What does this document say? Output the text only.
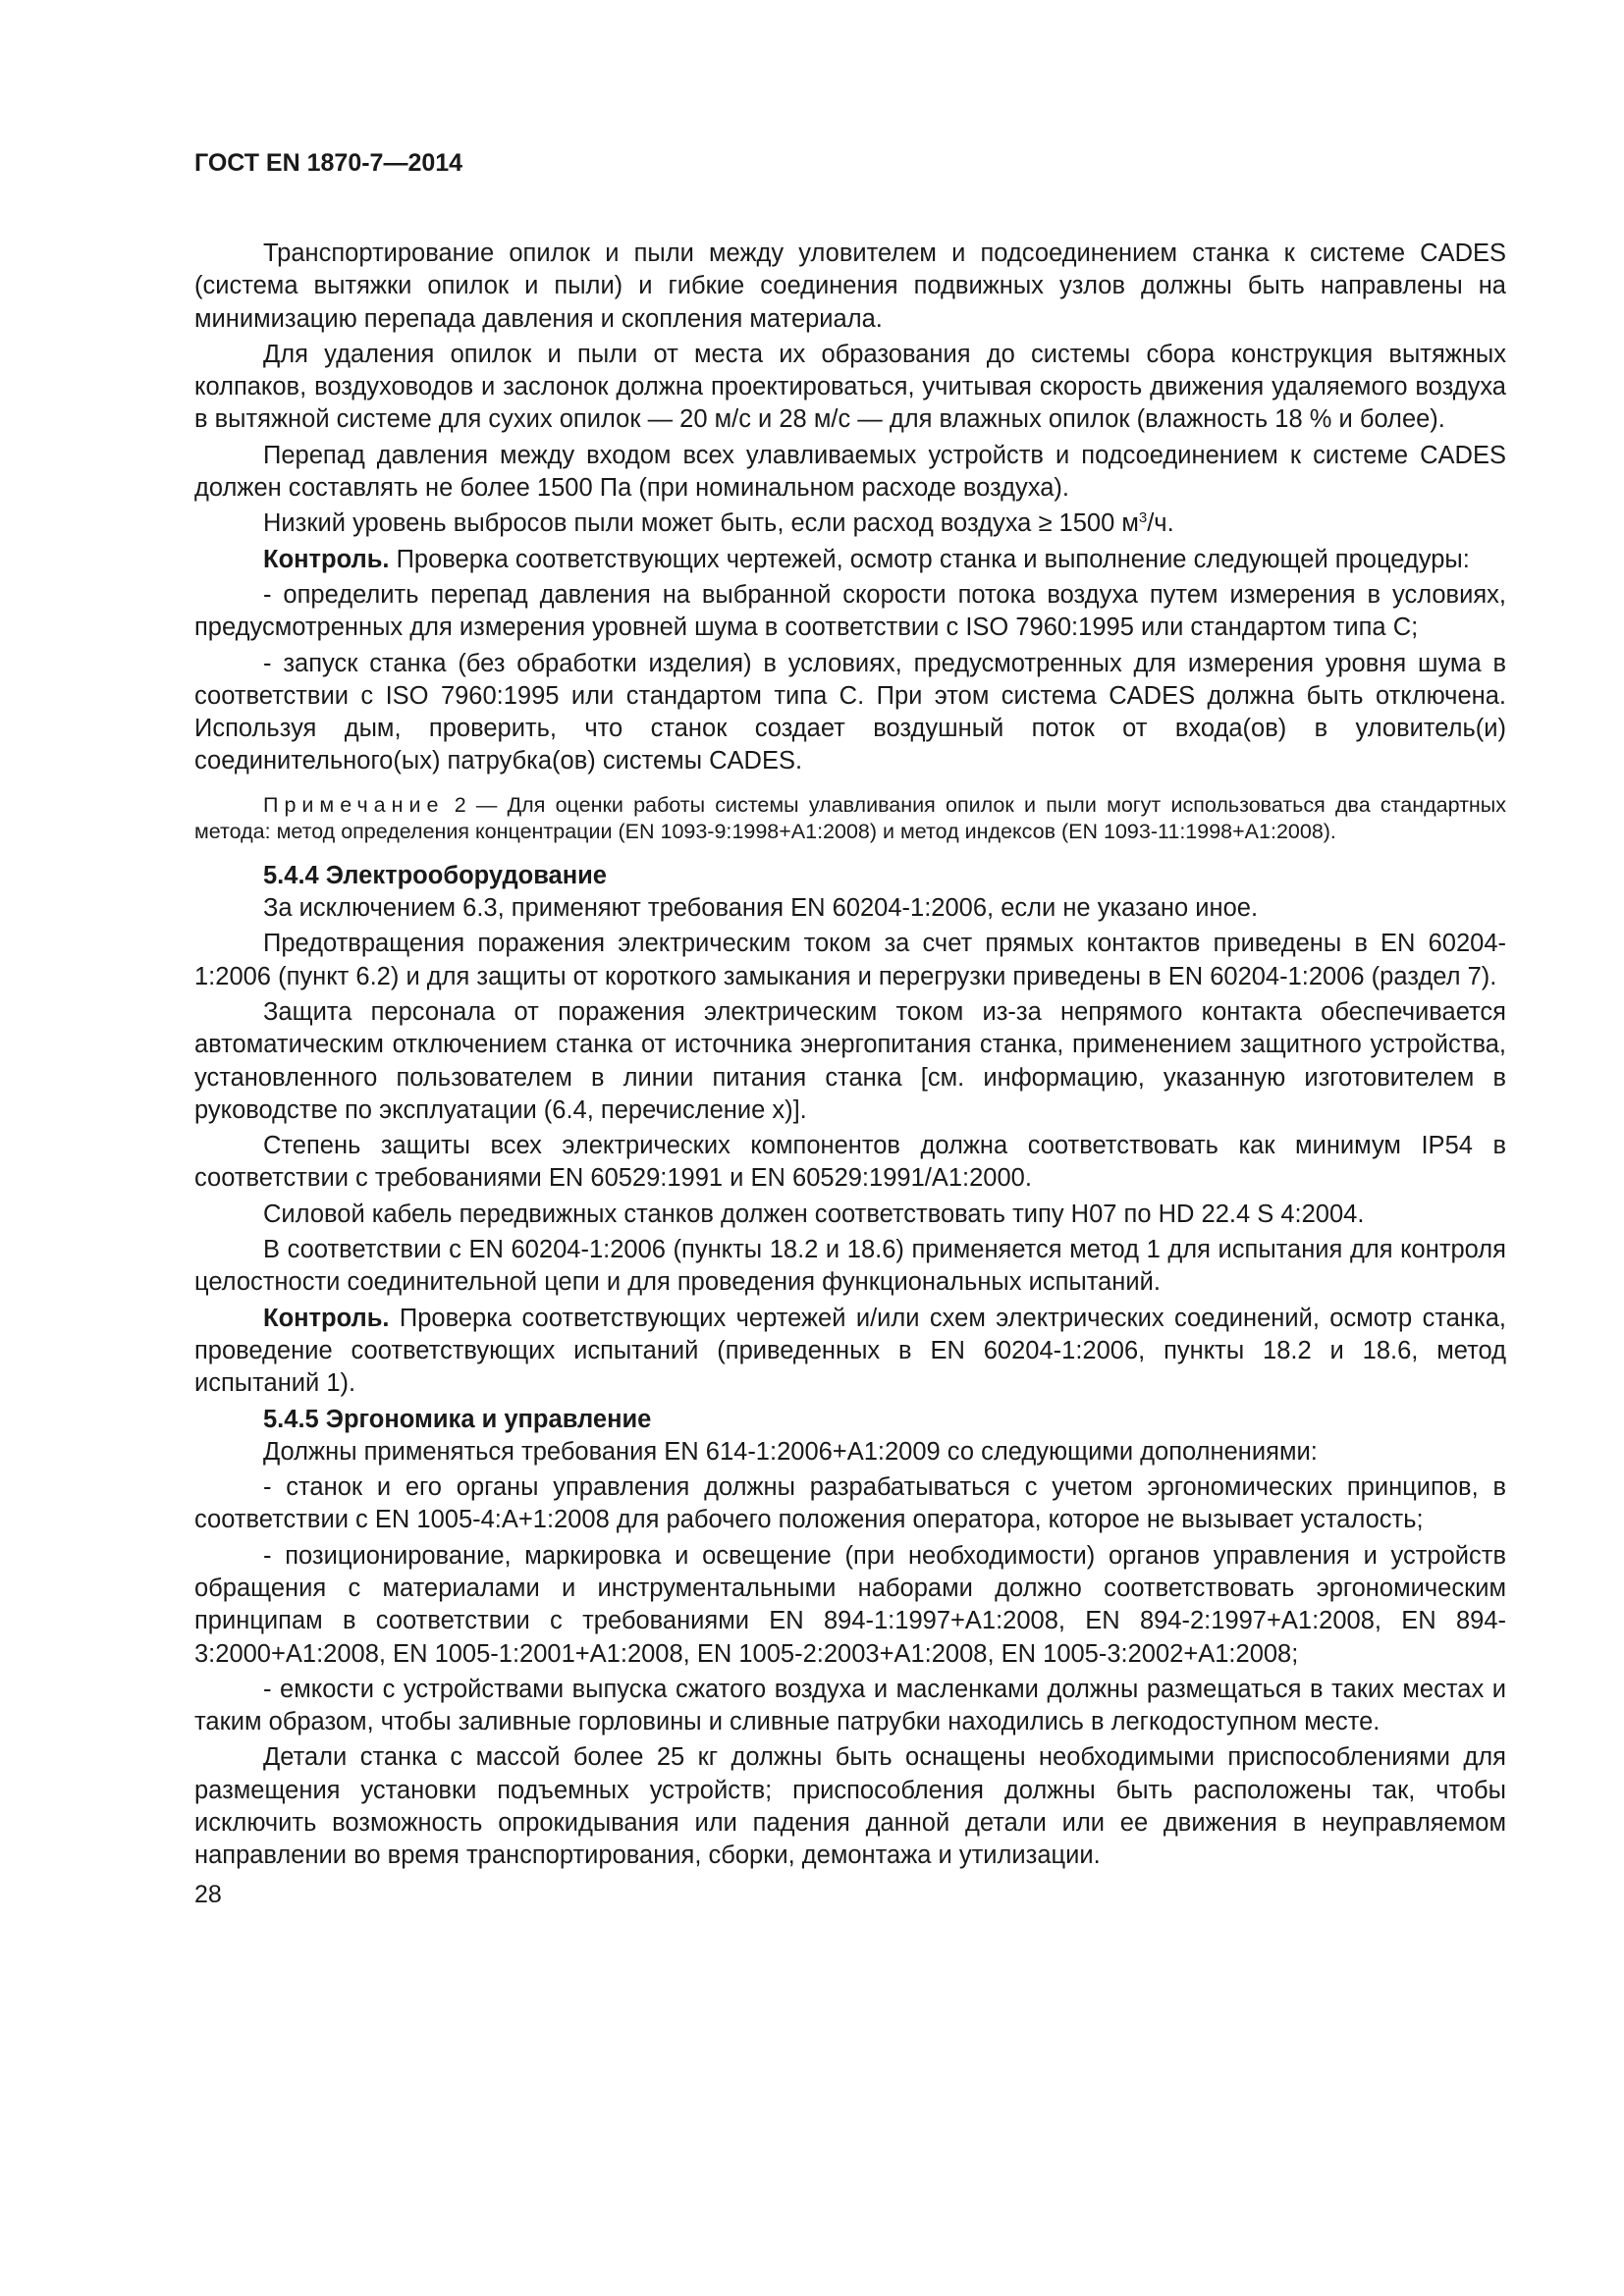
ГОСТ EN 1870-7—2014

Транспортирование опилок и пыли между уловителем и подсоединением станка к системе CADES (система вытяжки опилок и пыли) и гибкие соединения подвижных узлов должны быть направлены на минимизацию перепада давления и скопления материала.

Для удаления опилок и пыли от места их образования до системы сбора конструкция вытяжных колпаков, воздуховодов и заслонок должна проектироваться, учитывая скорость движения удаляемого воздуха в вытяжной системе для сухих опилок — 20 м/с и 28 м/с — для влажных опилок (влажность 18 % и более).

Перепад давления между входом всех улавливаемых устройств и подсоединением к системе CADES должен составлять не более 1500 Па (при номинальном расходе воздуха).

Низкий уровень выбросов пыли может быть, если расход воздуха ≥ 1500 $м^3/ч$.

Контроль. Проверка соответствующих чертежей, осмотр станка и выполнение следующей процедуры:

- определить перепад давления на выбранной скорости потока воздуха путем измерения в условиях, предусмотренных для измерения уровней шума в соответствии с ISO 7960:1995 или стандартом типа С;

- запуск станка (без обработки изделия) в условиях, предусмотренных для измерения уровня шума в соответствии с ISO 7960:1995 или стандартом типа С. При этом система CADES должна быть отключена. Используя дым, проверить, что станок создает воздушный поток от входа(ов) в уловитель(и) соединительного(ых) патрубка(ов) системы CADES.

Примечание 2 — Для оценки работы системы улавливания опилок и пыли могут использоваться два стандартных метода: метод определения концентрации (EN 1093-9:1998+A1:2008) и метод индексов (EN 1093-11:1998+A1:2008).

5.4.4 Электрооборудование

За исключением 6.3, применяют требования EN 60204-1:2006, если не указано иное.

Предотвращения поражения электрическим током за счет прямых контактов приведены в EN 60204-1:2006 (пункт 6.2) и для защиты от короткого замыкания и перегрузки приведены в EN 60204-1:2006 (раздел 7).

Защита персонала от поражения электрическим током из-за непрямого контакта обеспечивается автоматическим отключением станка от источника энергопитания станка, применением защитного устройства, установленного пользователем в линии питания станка [см. информацию, указанную изготовителем в руководстве по эксплуатации (6.4, перечисление x)].

Степень защиты всех электрических компонентов должна соответствовать как минимум IP54 в соответствии с требованиями EN 60529:1991 и EN 60529:1991/A1:2000.

Силовой кабель передвижных станков должен соответствовать типу H07 по HD 22.4 S 4:2004.

В соответствии с EN 60204-1:2006 (пункты 18.2 и 18.6) применяется метод 1 для испытания для контроля целостности соединительной цепи и для проведения функциональных испытаний.

Контроль. Проверка соответствующих чертежей и/или схем электрических соединений, осмотр станка, проведение соответствующих испытаний (приведенных в EN 60204-1:2006, пункты 18.2 и 18.6, метод испытаний 1).

5.4.5 Эргономика и управление

Должны применяться требования EN 614-1:2006+A1:2009 со следующими дополнениями:

- станок и его органы управления должны разрабатываться с учетом эргономических принципов, в соответствии с EN 1005-4:A+1:2008 для рабочего положения оператора, которое не вызывает усталость;

- позиционирование, маркировка и освещение (при необходимости) органов управления и устройств обращения с материалами и инструментальными наборами должно соответствовать эргономическим принципам в соответствии с требованиями EN 894-1:1997+A1:2008, EN 894-2:1997+A1:2008, EN 894-3:2000+A1:2008, EN 1005-1:2001+A1:2008, EN 1005-2:2003+A1:2008, EN 1005-3:2002+A1:2008;

- емкости с устройствами выпуска сжатого воздуха и масленками должны размещаться в таких местах и таким образом, чтобы заливные горловины и сливные патрубки находились в легкодоступном месте.

Детали станка с массой более 25 кг должны быть оснащены необходимыми приспособлениями для размещения установки подъемных устройств; приспособления должны быть расположены так, чтобы исключить возможность опрокидывания или падения данной детали или ее движения в неуправляемом направлении во время транспортирования, сборки, демонтажа и утилизации.

28
